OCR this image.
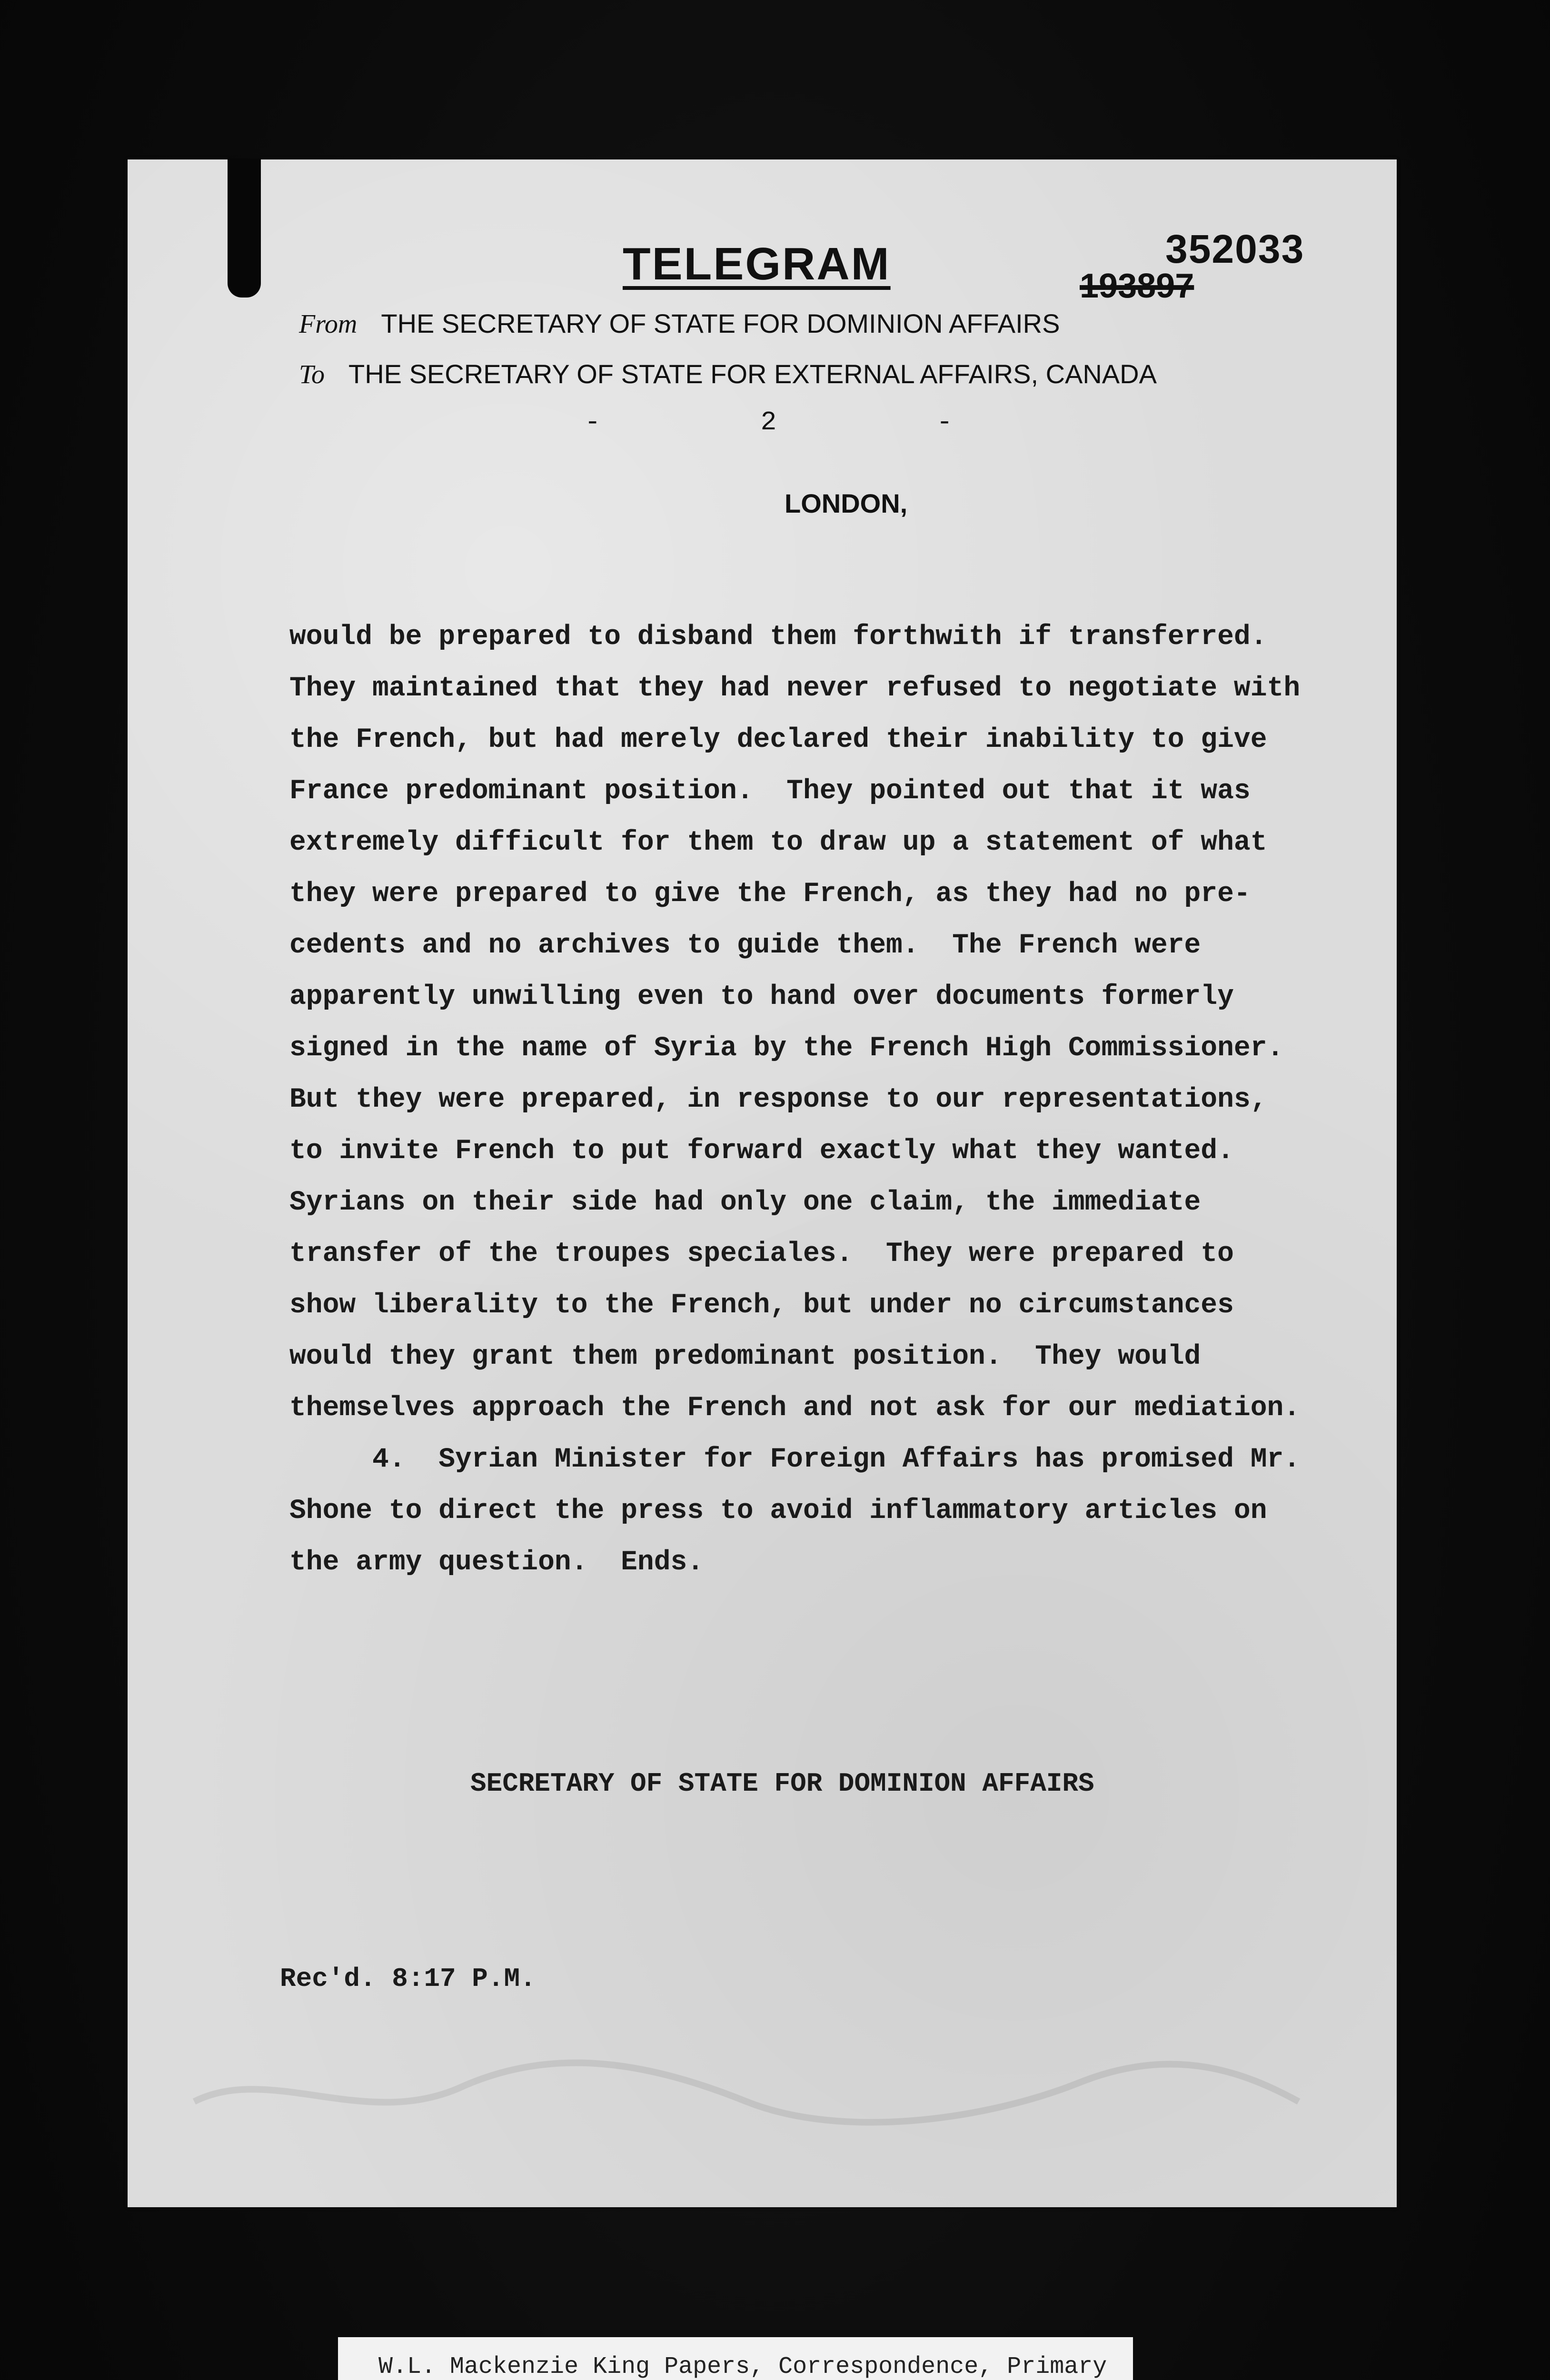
TELEGRAM	352033
193897
From THE SECRETARY OF STATE FOR DOMINION AFFAIRS
To THE SECRETARY OF STATE FOR EXTERNAL AFFAIRS, CANADA
-          2          -
LONDON,
would be prepared to disband them forthwith if transferred.
They maintained that they had never refused to negotiate with
the French, but had merely declared their inability to give
France predominant position.  They pointed out that it was
extremely difficult for them to draw up a statement of what
they were prepared to give the French, as they had no pre-
cedents and no archives to guide them.  The French were
apparently unwilling even to hand over documents formerly
signed in the name of Syria by the French High Commissioner.
But they were prepared, in response to our representations,
to invite French to put forward exactly what they wanted.
Syrians on their side had only one claim, the immediate
transfer of the troupes speciales.  They were prepared to
show liberality to the French, but under no circumstances
would they grant them predominant position.  They would
themselves approach the French and not ask for our mediation.
4.  Syrian Minister for Foreign Affairs has promised Mr.
Shone to direct the press to avoid inflammatory articles on
the army question.  Ends.
SECRETARY OF STATE FOR DOMINION AFFAIRS
Rec'd. 8:17 P.M.
W.L. Mackenzie King Papers, Correspondence, Primary
